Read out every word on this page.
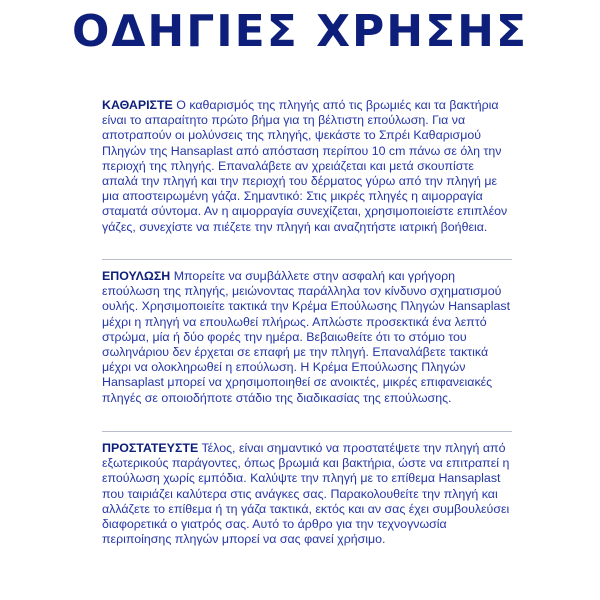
ΟΔΗΓΙΕΣ ΧΡΗΣΗΣ

ΚΑΘΑΡΙΣΤΕ Ο καθαρισμός της πληγής από τις βρωμιές και τα βακτήρια είναι το απαραίτητο πρώτο βήμα για τη βέλτιστη επούλωση. Για να αποτραπούν οι μολύνσεις της πληγής, ψεκάστε το Σπρέι Καθαρισμού Πληγών της Hansaplast από απόσταση περίπου 10 cm πάνω σε όλη την περιοχή της πληγής. Επαναλάβετε αν χρειάζεται και μετά σκουπίστε απαλά την πληγή και την περιοχή του δέρματος γύρω από την πληγή με μια αποστειρωμένη γάζα. Σημαντικό: Στις μικρές πληγές η αιμορραγία σταματά σύντομα. Αν η αιμορραγία συνεχίζεται, χρησιμοποιείστε επιπλέον γάζες, συνεχίστε να πιέζετε την πληγή και αναζητήστε ιατρική βοήθεια.

ΕΠΟΥΛΩΣΗ Μπορείτε να συμβάλλετε στην ασφαλή και γρήγορη επούλωση της πληγής, μειώνοντας παράλληλα τον κίνδυνο σχηματισμού ουλής. Χρησιμοποιείτε τακτικά την Κρέμα Επούλωσης Πληγών Hansaplast μέχρι η πληγή να επουλωθεί πλήρως. Απλώστε προσεκτικά ένα λεπτό στρώμα, μία ή δύο φορές την ημέρα. Βεβαιωθείτε ότι το στόμιο του σωληνάριου δεν έρχεται σε επαφή με την πληγή. Επαναλάβετε τακτικά μέχρι να ολοκληρωθεί η επούλωση. Η Κρέμα Επούλωσης Πληγών Hansaplast μπορεί να χρησιμοποιηθεί σε ανοικτές, μικρές επιφανειακές πληγές σε οποιοδήποτε στάδιο της διαδικασίας της επούλωσης.

ΠΡΟΣΤΑΤΕΥΣΤΕ Τέλος, είναι σημαντικό να προστατέψετε την πληγή από εξωτερικούς παράγοντες, όπως βρωμιά και βακτήρια, ώστε να επιτραπεί η επούλωση χωρίς εμπόδια. Καλύψτε την πληγή με το επίθεμα Hansaplast που ταιριάζει καλύτερα στις ανάγκες σας. Παρακολουθείτε την πληγή και αλλάζετε το επίθεμα ή τη γάζα τακτικά, εκτός και αν σας έχει συμβουλεύσει διαφορετικά ο γιατρός σας. Αυτό το άρθρο για την τεχνογνωσία περιποίησης πληγών μπορεί να σας φανεί χρήσιμο.
